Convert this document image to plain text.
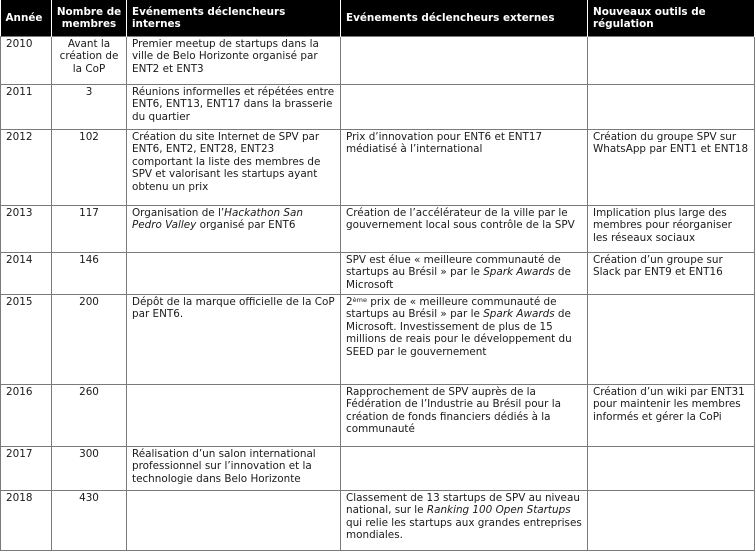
Année	Nombre de membres	Evénements déclencheurs internes	Evénements déclencheurs externes	Nouveaux outils de régulation
2010	Avant la création de la CoP	Premier meetup de startups dans la ville de Belo Horizonte organisé par ENT2 et ENT3		
2011	3	Réunions informelles et répétées entre ENT6, ENT13, ENT17 dans la brasserie du quartier		
2012	102	Création du site Internet de SPV par ENT6, ENT2, ENT28, ENT23 comportant la liste des membres de SPV et valorisant les startups ayant obtenu un prix	Prix d’innovation pour ENT6 et ENT17 médiatisé à l’international	Création du groupe SPV sur WhatsApp par ENT1 et ENT18
2013	117	Organisation de l’Hackathon San Pedro Valley organisé par ENT6	Création de l’accélérateur de la ville par le gouvernement local sous contrôle de la SPV	Implication plus large des membres pour réorganiser les réseaux sociaux
2014	146		SPV est élue « meilleure communauté de startups au Brésil » par le Spark Awards de Microsoft	Création d’un groupe sur Slack par ENT9 et ENT16
2015	200	Dépôt de la marque officielle de la CoP par ENT6.	2ème prix de « meilleure communauté de startups au Brésil » par le Spark Awards de Microsoft. Investissement de plus de 15 millions de reais pour le développement du SEED par le gouvernement	
2016	260		Rapprochement de SPV auprès de la Fédération de l’Industrie au Brésil pour la création de fonds financiers dédiés à la communauté	Création d’un wiki par ENT31 pour maintenir les membres informés et gérer la CoPi
2017	300	Réalisation d’un salon international professionnel sur l’innovation et la technologie dans Belo Horizonte		
2018	430		Classement de 13 startups de SPV au niveau national, sur le Ranking 100 Open Startups qui relie les startups aux grandes entreprises mondiales.	
